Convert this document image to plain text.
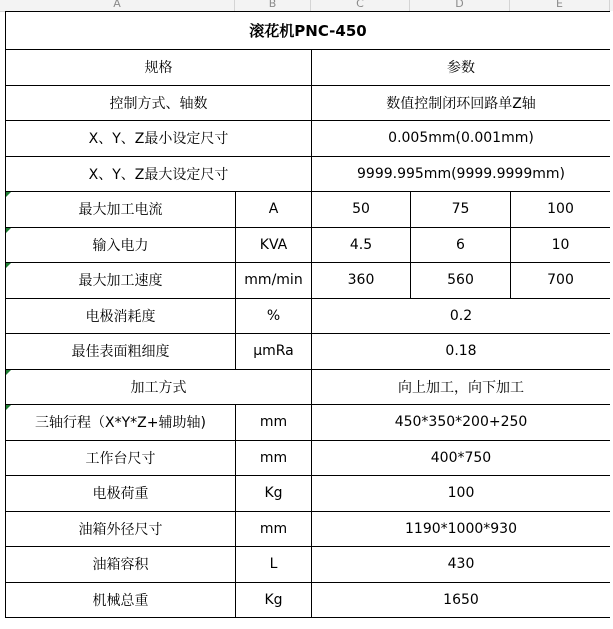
A	B	C	D	E
滚花机PNC-450				
规格		参数		
控制方式、轴数		数值控制闭环回路单Z轴		
X、Y、Z最小设定尺寸		0.005mm(0.001mm)		
X、Y、Z最大设定尺寸		9999.995mm(9999.9999mm)		
最大加工电流	A	50	75	100
输入电力	KVA	4.5	6	10
最大加工速度	mm/min	360	560	700
电极消耗度	%	0.2		
最佳表面粗细度	μmRa	0.18		
加工方式		向上加工，向下加工		
三轴行程（X*Y*Z+辅助轴)	mm	450*350*200+250		
工作台尺寸	mm	400*750		
电极荷重	Kg	100		
油箱外径尺寸	mm	1190*1000*930		
油箱容积	L	430		
机械总重	Kg	1650		
